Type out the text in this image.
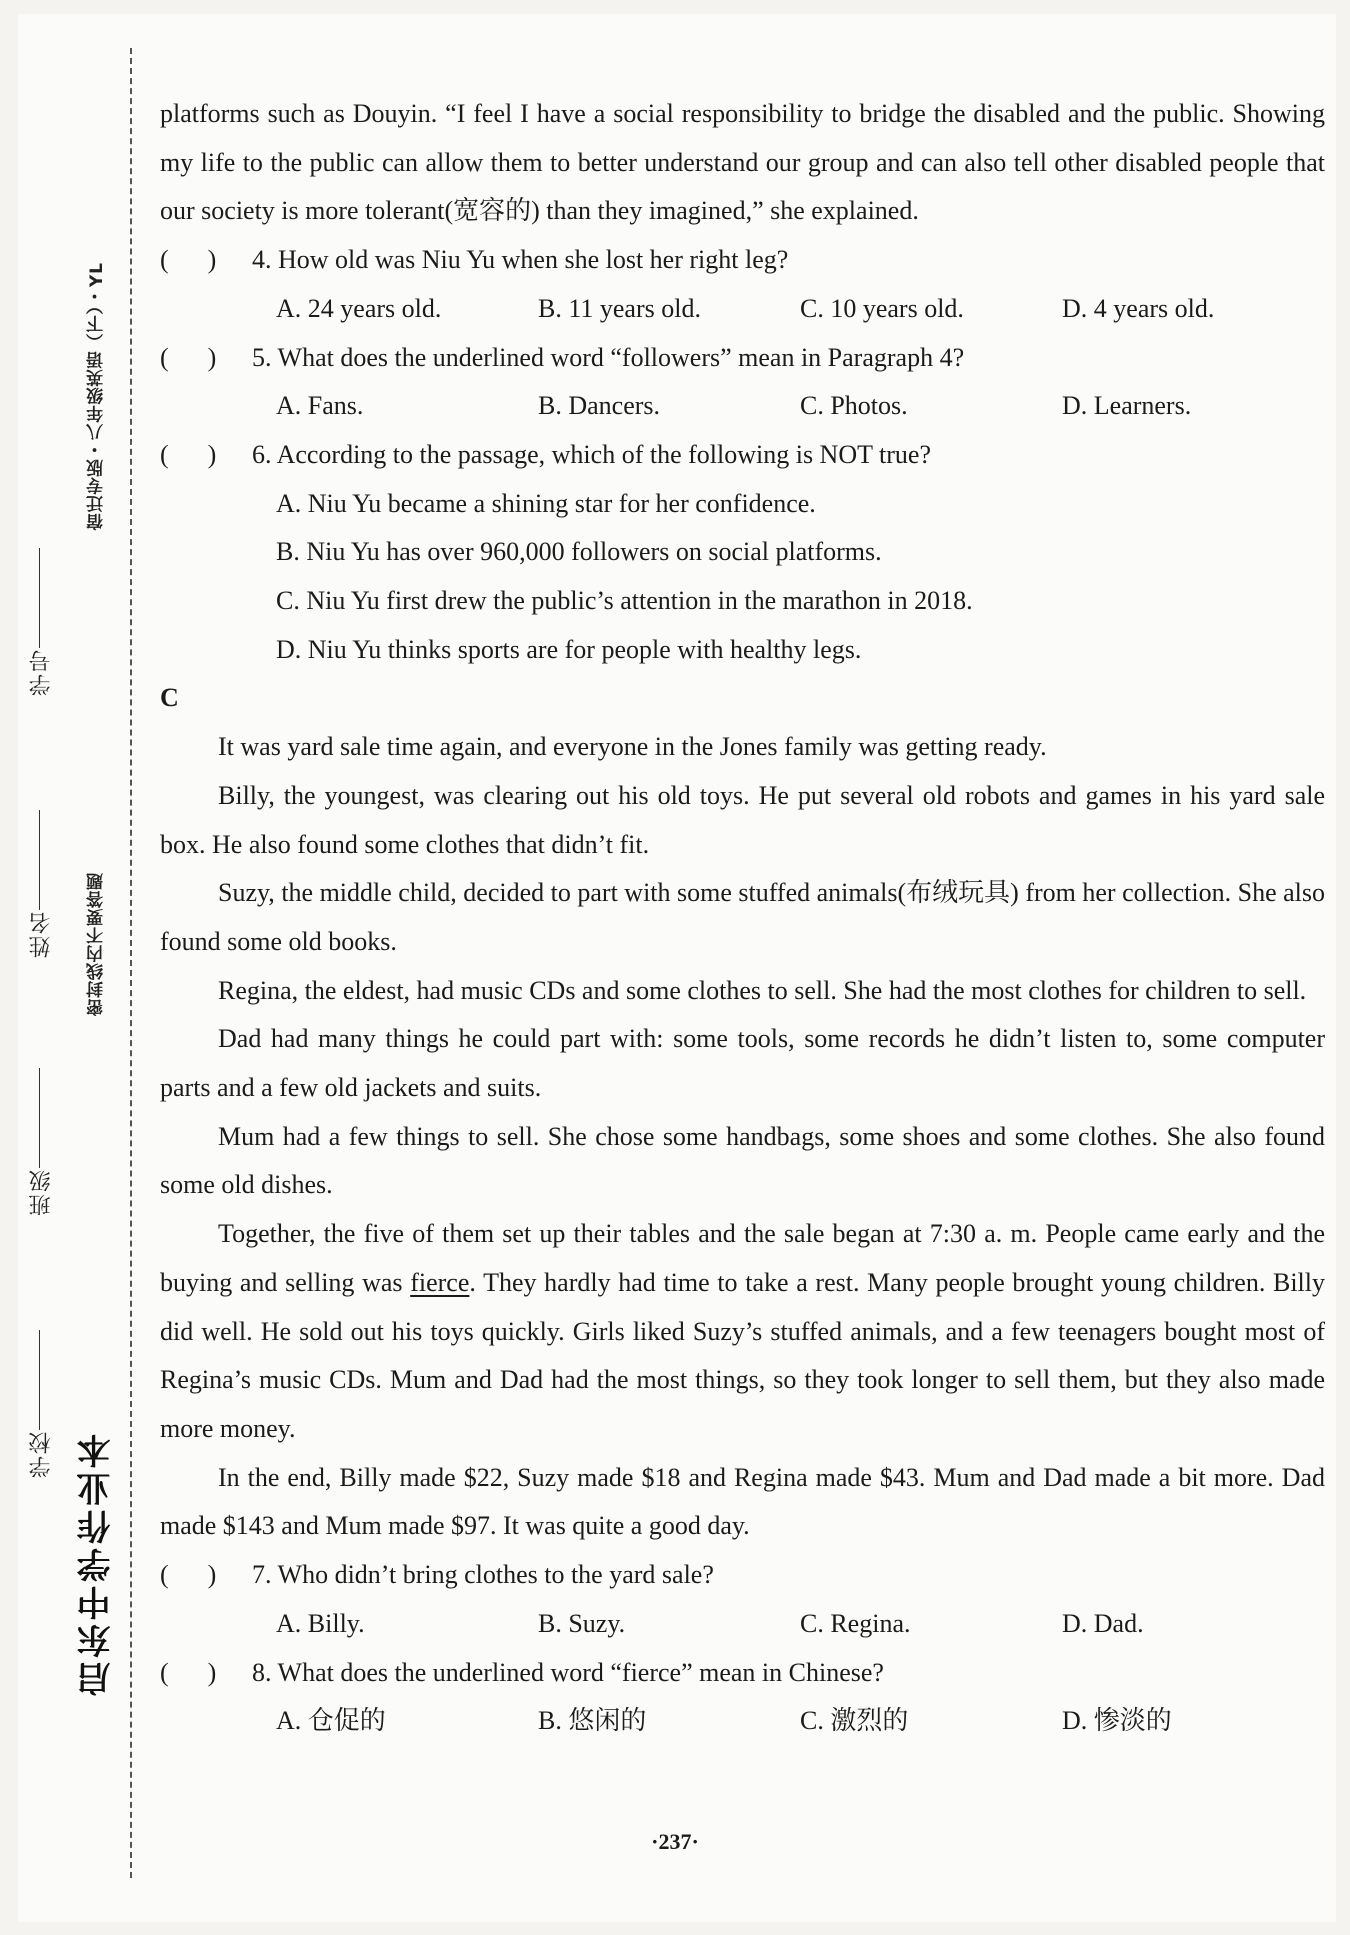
宿迁专版・八年级英语（下）・YL
密封线内不要答题
学号
姓名
班级
学校 启东中学作业本

platforms such as Douyin. “I feel I have a social responsibility to bridge the disabled and the public. Showing my life to the public can allow them to better understand our group and can also tell other disabled people that our society is more tolerant(宽容的) than they imagined,” she explained.

(   )	4. How old was Niu Yu when she lost her right leg?
A. 24 years old.	B. 11 years old.	C. 10 years old.	D. 4 years old.
(   )	5. What does the underlined word “followers” mean in Paragraph 4?
A. Fans.	B. Dancers.	C. Photos.	D. Learners.
(   )	6. According to the passage, which of the following is NOT true?
A. Niu Yu became a shining star for her confidence.
B. Niu Yu has over 960,000 followers on social platforms.
C. Niu Yu first drew the public’s attention in the marathon in 2018.
D. Niu Yu thinks sports are for people with healthy legs.

C

It was yard sale time again, and everyone in the Jones family was getting ready.

Billy, the youngest, was clearing out his old toys. He put several old robots and games in his yard sale box. He also found some clothes that didn’t fit.

Suzy, the middle child, decided to part with some stuffed animals(布绒玩具) from her collection. She also found some old books.

Regina, the eldest, had music CDs and some clothes to sell. She had the most clothes for children to sell.

Dad had many things he could part with: some tools, some records he didn’t listen to, some computer parts and a few old jackets and suits.

Mum had a few things to sell. She chose some handbags, some shoes and some clothes. She also found some old dishes.

Together, the five of them set up their tables and the sale began at 7:30 a. m. People came early and the buying and selling was fierce. They hardly had time to take a rest. Many people brought young children. Billy did well. He sold out his toys quickly. Girls liked Suzy’s stuffed animals, and a few teenagers bought most of Regina’s music CDs. Mum and Dad had the most things, so they took longer to sell them, but they also made more money.

In the end, Billy made $22, Suzy made $18 and Regina made $43. Mum and Dad made a bit more. Dad made $143 and Mum made $97. It was quite a good day.

(   )	7. Who didn’t bring clothes to the yard sale?
A. Billy.	B. Suzy.	C. Regina.	D. Dad.
(   )	8. What does the underlined word “fierce” mean in Chinese?
A. 仓促的	B. 悠闲的	C. 激烈的	D. 惨淡的
·237·
